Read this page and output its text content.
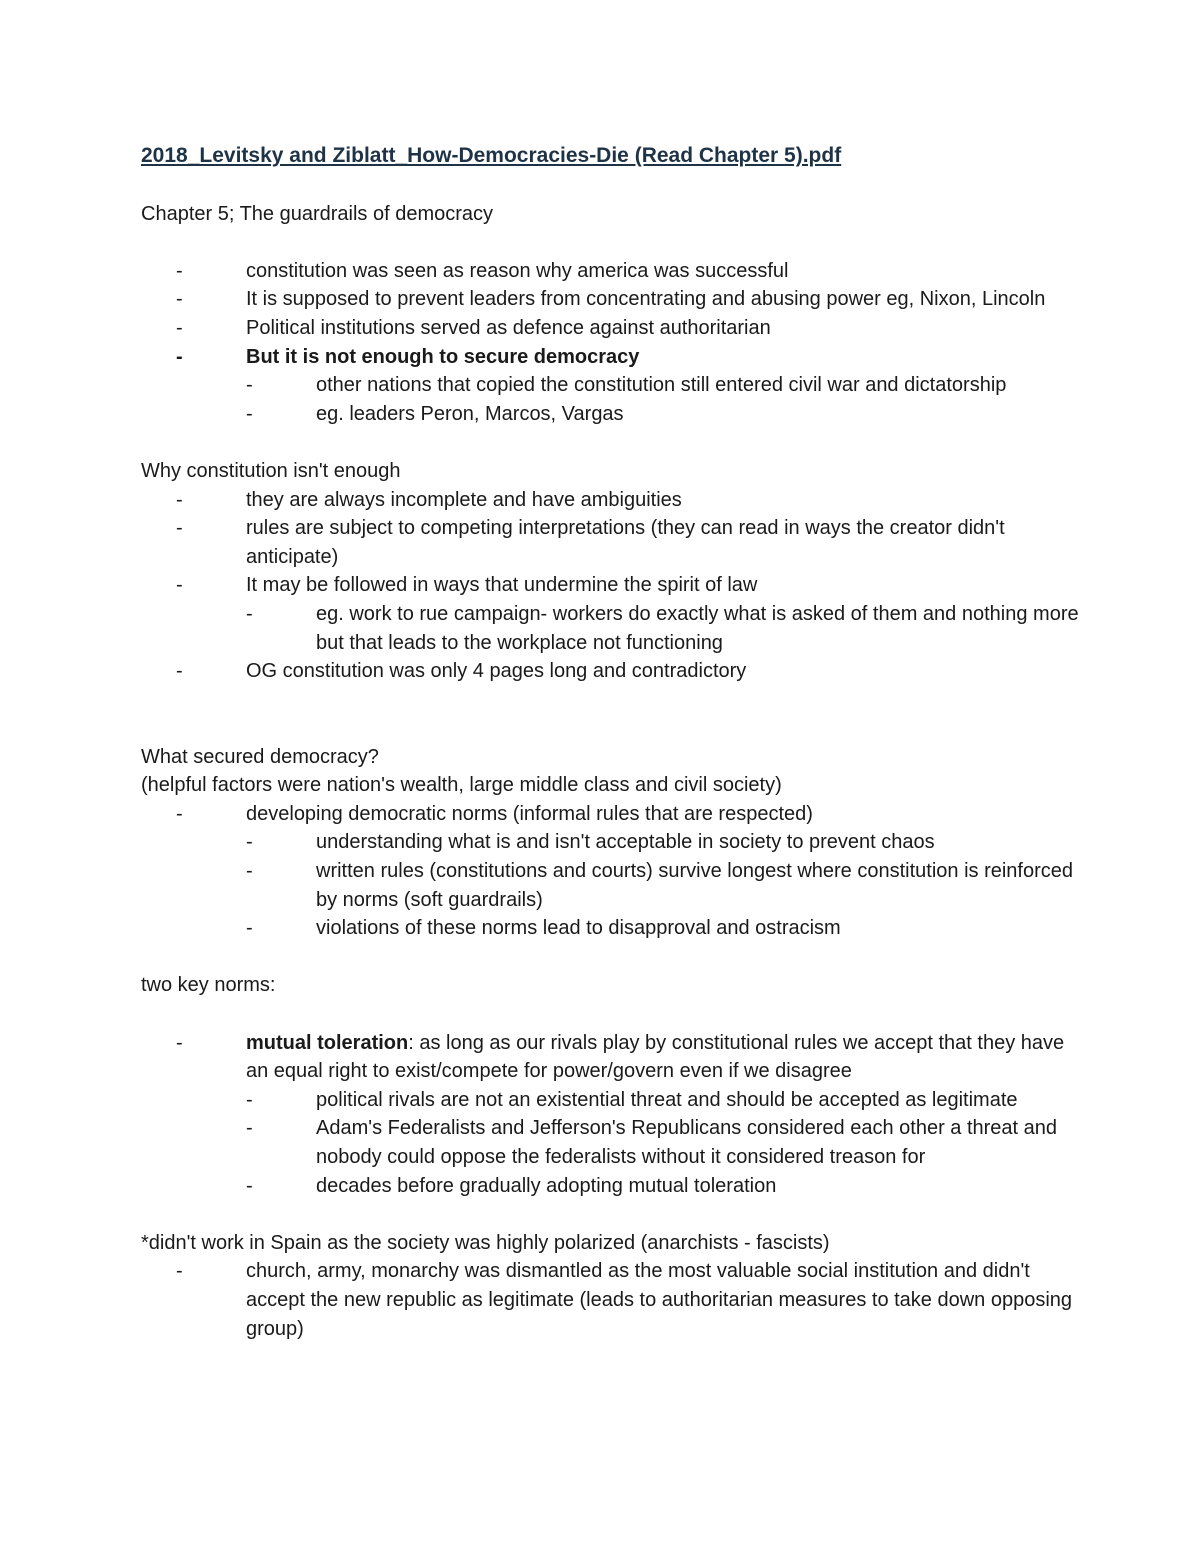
2018_Levitsky and Ziblatt_How-Democracies-Die (Read Chapter 5).pdf

Chapter 5; The guardrails of democracy

-	constitution was seen as reason why america was successful
-	It is supposed to prevent leaders from concentrating and abusing power eg, Nixon, Lincoln
-	Political institutions served as defence against authoritarian
-	But it is not enough to secure democracy
-	other nations that copied the constitution still entered civil war and dictatorship
-	eg. leaders Peron, Marcos, Vargas

Why constitution isn't enough

-	they are always incomplete and have ambiguities
-	rules are subject to competing interpretations (they can read in ways the creator didn't anticipate)
-	It may be followed in ways that undermine the spirit of law
-	eg. work to rue campaign- workers do exactly what is asked of them and nothing more but that leads to the workplace not functioning
-	OG constitution was only 4 pages long and contradictory

What secured democracy?

(helpful factors were nation's wealth, large middle class and civil society)

-	developing democratic norms (informal rules that are respected)
-	understanding what is and isn't acceptable in society to prevent chaos
-	written rules (constitutions and courts) survive longest where constitution is reinforced by norms (soft guardrails)
-	violations of these norms lead to disapproval and ostracism

two key norms:

-	mutual toleration: as long as our rivals play by constitutional rules we accept that they have an equal right to exist/compete for power/govern even if we disagree
-	political rivals are not an existential threat and should be accepted as legitimate
-	Adam's Federalists and Jefferson's Republicans considered each other a threat and nobody could oppose the federalists without it considered treason for
-	decades before gradually adopting mutual toleration

*didn't work in Spain as the society was highly polarized (anarchists - fascists)

-	church, army, monarchy was dismantled as the most valuable social institution and didn't accept the new republic as legitimate (leads to authoritarian measures to take down opposing group)
